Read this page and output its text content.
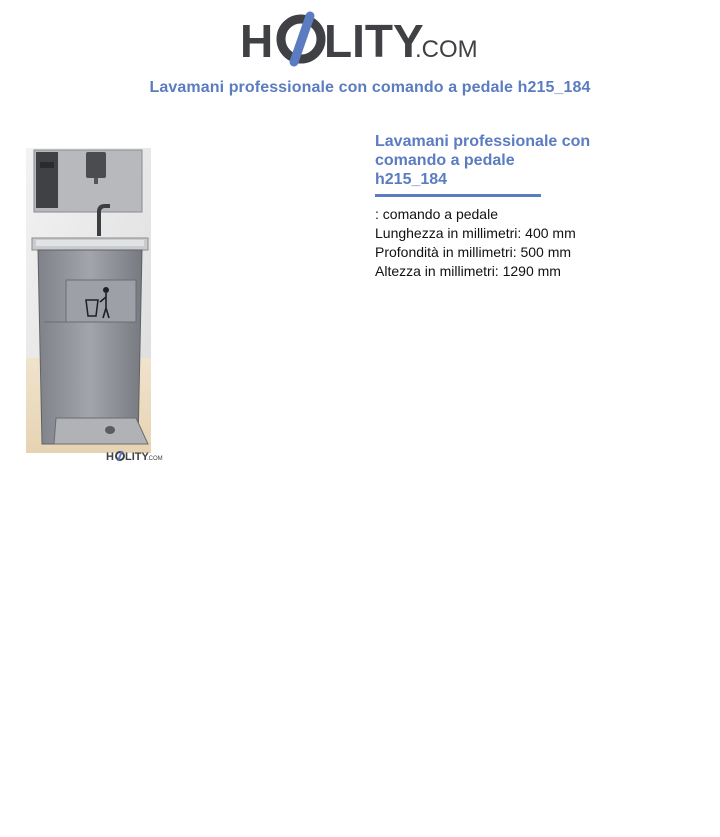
H LITY
.COM
Lavamani professionale con comando a pedale h215_184
H LITY
.COM
Lavamani professionale con
comando a pedale
h215_184
: comando a pedale
Lunghezza in millimetri: 400 mm
Profondità in millimetri: 500 mm
Altezza in millimetri: 1290 mm
